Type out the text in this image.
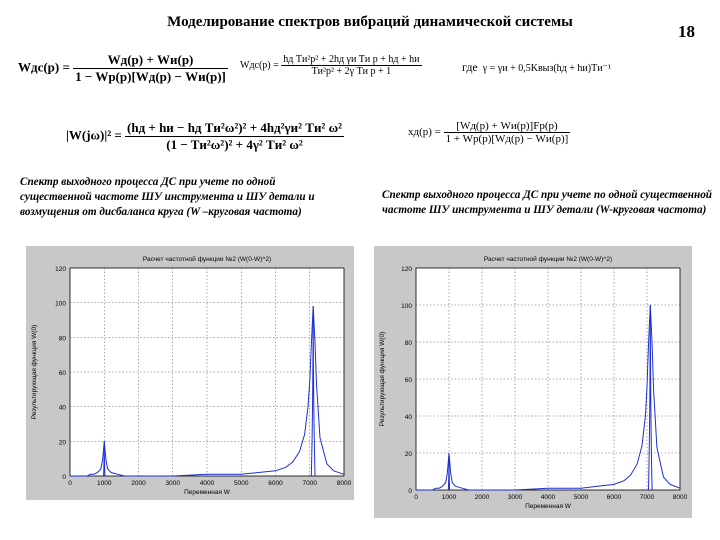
Моделирование спектров вибраций динамической системы	18
$Wдс(p) = \frac{Wд(p) + Wи(p)}{1 - Wр(p)[Wд(p) - Wи(p)]} Wдс(p) = \frac{\text{hд Tи²p² + 2hд γи Tи p + hд + hи}}{\text{Tи²p² + 2γ Tи p + 1}}$	где γ = γи + 0,5Kвыз(hд + hи)Tи⁻¹
$|W(j\omega)|^2 = \frac{\text{(hд + hи − hд Tи²ω²)² + 4hд²γи² Tи² ω²}}{\text{(1 − Tи²ω²)² + 4γ² Tи² ω²}}$	$xд(p) = \frac{[Wд(p) + Wи(p)]Fp(p)}{1 + Wр(p)[Wд(p) - Wи(p)]}$
Спектр выходного процесса ДС при учете по одной существенной частоте ШУ инструмента и ШУ детали и возмущения от дисбаланса круга (W –круговая частота)
Спектр выходного процесса ДС при учете по одной существенной частоте ШУ инструмента и ШУ детали (W-круговая частота)
0
20
40
60
80
100
120
0	1000	2000	3000	4000	5000	6000	7000	8000
Расчет частотной функции №2 (W(0-W)^2)
Переменная W
Результирующая функция W(0)
0
20
40
60
80
100
120
0	1000	2000	3000	4000	5000	6000	7000	8000
Расчет частотной функции №2 (W(0-W)^2)
Переменная W
Результирующая функция W(0)
